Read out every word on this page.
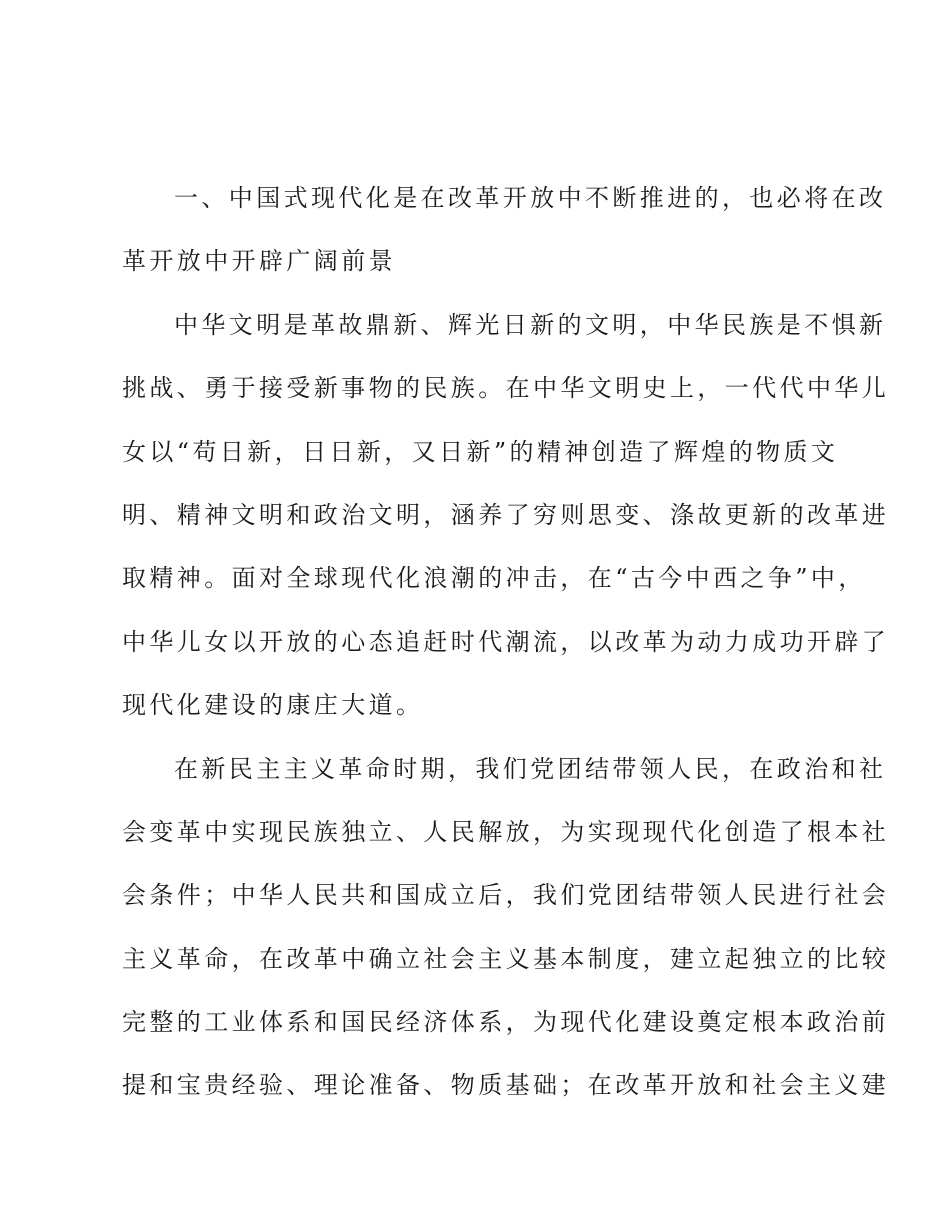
一、中国式现代化是在改革开放中不断推进的，也必将在改
革开放中开辟广阔前景
中华文明是革故鼎新、辉光日新的文明，中华民族是不惧新
挑战、勇于接受新事物的民族。在中华文明史上，一代代中华儿
女以“苟日新，日日新，又日新”的精神创造了辉煌的物质文
明、精神文明和政治文明，涵养了穷则思变、涤故更新的改革进
取精神。面对全球现代化浪潮的冲击，在“古今中西之争”中，
中华儿女以开放的心态追赶时代潮流，以改革为动力成功开辟了
现代化建设的康庄大道。
在新民主主义革命时期，我们党团结带领人民，在政治和社
会变革中实现民族独立、人民解放，为实现现代化创造了根本社
会条件；中华人民共和国成立后，我们党团结带领人民进行社会
主义革命，在改革中确立社会主义基本制度，建立起独立的比较
完整的工业体系和国民经济体系，为现代化建设奠定根本政治前
提和宝贵经验、理论准备、物质基础；在改革开放和社会主义建
